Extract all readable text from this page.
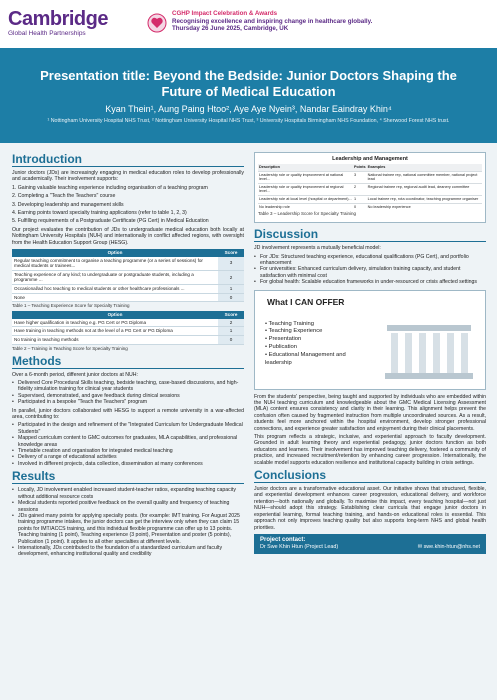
Cambridge
Global Health Partnerships
CGHP Impact Celebration & Awards
Recognising excellence and inspiring change in healthcare globally.
Thursday 26 June 2025, Cambridge, UK
Presentation title: Beyond the Bedside: Junior Doctors Shaping the Future of Medical Education
Kyan Thein¹, Aung Paing Htoo², Aye Aye Nyein³, Nandar Eaindray Khin⁴
¹ Nottingham University Hospital NHS Trust, ² Nottingham University Hospital NHS Trust, ³ University Hospitals Birmingham NHS Foundation, ⁴ Sherwood Forest NHS trust.
Introduction

Junior doctors (JDs) are increasingly engaging in medical education roles to develop professionally and academically. Their involvement supports:

1. Gaining valuable teaching experience including organisation of a teaching program

2. Completing a "Teach the Teachers" course

3. Developing leadership and management skills

4. Earning points toward specialty training applications (refer to table 1, 2, 3)

5. Fulfilling requirements of a Postgraduate Certificate (PG Cert) in Medical Education

Our project evaluates the contribution of JDs to undergraduate medical education both locally at Nottingham University Hospitals (NUH) and internationally in conflict affected regions, with oversight from the Health Education Support Group (HESG).

Option	Score
Regular teaching commitment to organise a teaching programme (or a series of sessions) for medical students or trainees...	3
Teaching experience of any kind; to undergraduate or postgraduate students, including a programme ...	2
Occasional/ad hoc teaching to medical students or other healthcare professionals ...	1
None	0
Table 1 – Teaching Experience Score for Specialty Training
Option	Score
Have higher qualification in teaching e.g. PG Cert or PG Diploma	2
Have training in teaching methods not at the level of a PG Cert or PG Diploma	1
No training in teaching methods	0
Table 2 – Training in Teaching Score for Specialty Training
Methods

Over a 6-month period, different junior doctors at NUH:

• Delivered Core Procedural Skills teaching, bedside teaching, case-based discussions, and high-fidelity simulation training for clinical year students
• Supervised, demonstrated, and gave feedback during clinical sessions
• Participated in a bespoke "Teach the Teachers" program

In parallel, junior doctors collaborated with HESG to support a remote university in a war-affected area, contributing to:

• Participated in the design and refinement of the "Integrated Curriculum for Undergraduate Medical Students"
• Mapped curriculum content to GMC outcomes for graduates, MLA capabilities, and professional knowledge areas
• Timetable creation and organisation for integrated medical teaching
• Delivery of a range of educational activities
• Involved in different projects, data collection, dissemination at many conferences
Results
• Locally, JD involvement enabled increased student-teacher ratios, expanding teaching capacity without additional resource costs
• Medical students reported positive feedback on the overall quality and frequency of teaching sessions
• JDs gained many points for applying specialty posts. (for example: IMT training. For August 2025 training programme intakes, the junior doctors can get the interview only when they can claim 15 points for IMT/ACCS training, and this individual flexible programme can offer up to 13 points. Teaching training (1 point), Teaching experience (3 point), Presentation and poster (5 points), Publication (1 point). It applies to all other specialties at different levels.
• Internationally, JDs contributed to the foundation of a standardized curriculum and faculty development, enhancing institutional quality and credibility
Leadership and Management
Description	Points	Examples
Leadership role or quality improvement at national level...	3	National trainee rep, national committee member, national project lead
Leadership role or quality improvement at regional level...	2	Regional trainee rep, regional audit lead, deanery committee
Leadership role at local level (hospital or department)...	1	Local trainee rep, rota coordinator, teaching programme organiser
No leadership role	0	No leadership experience
Table 3 – Leadership Score for Specialty Training
Discussion

JD involvement represents a mutually beneficial model:

• For JDs: Structured teaching experience, educational qualifications (PG Cert), and portfolio enhancement
• For universities: Enhanced curriculum delivery, simulation training capacity, and student satisfaction with minimal cost
• For global health: Scalable education frameworks in under-resourced or crisis affected settings
What I CAN OFFER
• Teaching Training
• Teaching Experience
• Presentation
• Publication
• Educational Management and
leadership

From the students' perspective, being taught and supported by individuals who are embedded within the NUH teaching curriculum and knowledgeable about the GMC Medical Licensing Assessment (MLA) content ensures consistency and clarity in their learning. This alignment helps prevent the confusion often caused by fragmented instruction from multiple uncoordinated sources. As a result, students feel more anchored within the hospital environment, develop stronger professional connections, and experience greater satisfaction and enjoyment during their clinical placements.

This program reflects a strategic, inclusive, and experiential approach to faculty development. Grounded in adult learning theory and experiential pedagogy, junior doctors function as both educators and learners. Their involvement has improved teaching delivery, fostered a community of practice, and increased recruitment/retention by enhancing career progression. Internationally, the scalable model supports education resilience and institutional capacity building in crisis settings.

Conclusions

Junior doctors are a transformative educational asset. Our initiative shows that structured, flexible, and experiential development enhances career progression, educational delivery, and workforce retention—both nationally and globally. To maximise this impact, every teaching hospital—not just NUH—should adopt this strategy. Establishing clear curricula that engage junior doctors in experiential learning, formal teaching training, and hands-on educational roles is essential. This approach not only improves teaching quality but also supports long-term NHS and global health priorities.

Project contact:
Dr Swe Khin Htun (Project Lead)	✉ swe.khin-htun@nhs.net
